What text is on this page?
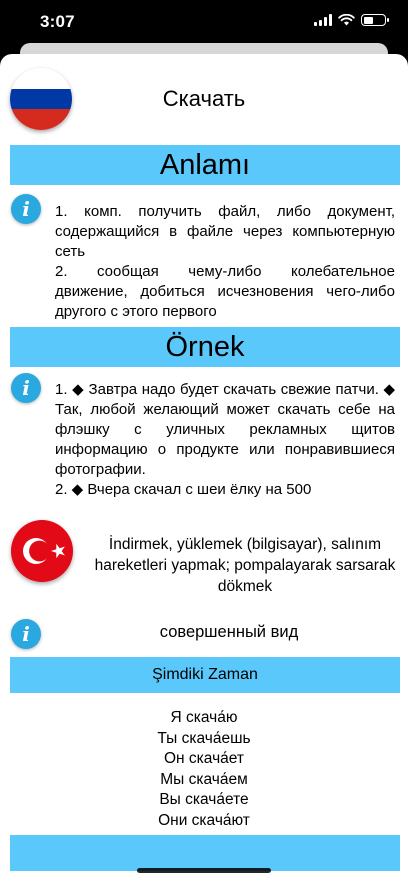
3:07
Скачать
Anlamı
i	1. комп. получить файл, либо документ, содержащийся в файле через компьютерную сеть
2. сообщая чему-либо колебательное движение, добиться исчезновения чего-либо другого с этого первого
Örnek
i	1. ◆ Завтра надо будет скачать свежие патчи. ◆ Так, любой желающий может скачать себе на флэшку с уличных рекламных щитов информацию о продукте или понравившиеся фотографии.
2. ◆ Вчера скачал с шеи ёлку на 500
İndirmek, yüklemek (bilgisayar), salınım hareketleri yapmak; pompalayarak sarsarak dökmek
i	совершенный вид
Şimdiki Zaman
Я скача́ю
Ты скача́ешь
Он скача́ет
Мы скача́ем
Вы скача́ете
Они скача́ют
